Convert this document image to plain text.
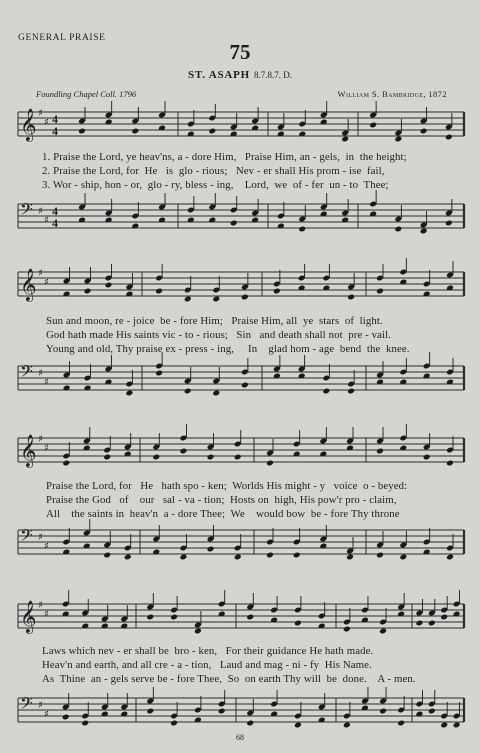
GENERAL PRAISE
75
ST. ASAPH 8.7.8.7. D.
Foundling Chapel Coll. 1796	William S. Bambridge, 1872
𝄞 ♯
♯ 4
4
1. Praise the Lord, ye heav'ns, a - dore Him,   Praise Him, an - gels,  in  the height;
2. Praise the Lord, for  He   is  glo - rious;   Nev - er shall His prom - ise  fail,
3. Wor - ship, hon - or,  glo - ry, bless - ing,    Lord,  we  of - fer  un - to  Thee;
𝄢 ♯
♯
4
4
𝄞 ♯
♯
Sun and moon, re - joice  be - fore Him;   Praise Him, all  ye  stars  of  light.
God hath made His saints vic - to - rious;   Sin   and death shall not  pre - vail.
Young and old, Thy praise ex - press - ing,     In    glad hom - age  bend  the  knee.
𝄢 ♯
♯
𝄞 ♯
♯
Praise the Lord, for   He   hath spo - ken;  Worlds His might - y   voice  o - beyed:
Praise the God   of    our   sal - va - tion;  Hosts on  high, His pow'r pro - claim,
All    the saints in  heav'n  a - dore Thee;  We    would bow  be - fore Thy throne
𝄢 ♯
♯
𝄞 ♯
♯
Laws which nev - er shall be  bro - ken,   For their guidance He hath made.
Heav'n and earth, and all cre - a - tion,   Laud and mag - ni - fy  His Name.
As  Thine  an - gels serve be - fore Thee,  So  on earth Thy will  be  done.    A - men.
𝄢 ♯
♯
68
